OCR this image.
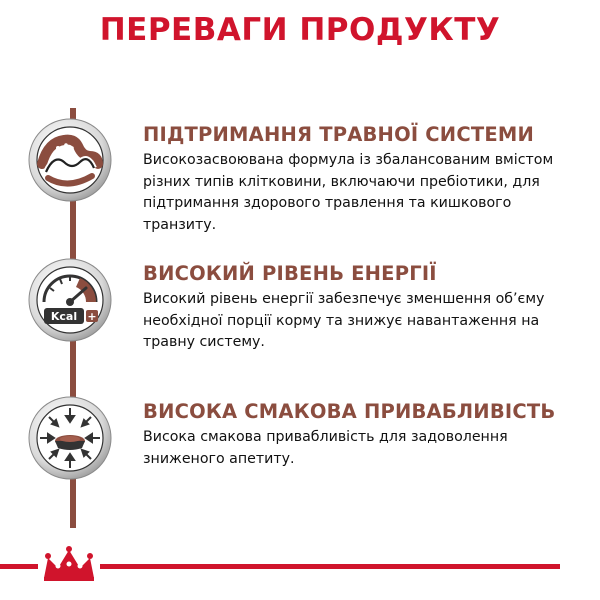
ПЕРЕВАГИ ПРОДУКТУ
ПІДТРИМАННЯ ТРАВНОЇ СИСТЕМИ
Високозасвоювана формула із збалансованим вмістом різних типів клітковини, включаючи пребіотики, для підтримання здорового травлення та кишкового транзиту.
Kcal +
ВИСОКИЙ РІВЕНЬ ЕНЕРГІЇ
Високий рівень енергії забезпечує зменшення об’єму необхідної порції корму та знижує навантаження на травну систему.
ВИСОКА СМАКОВА ПРИВАБЛИВІСТЬ
Висока смакова привабливість для задоволення зниженого апетиту.
